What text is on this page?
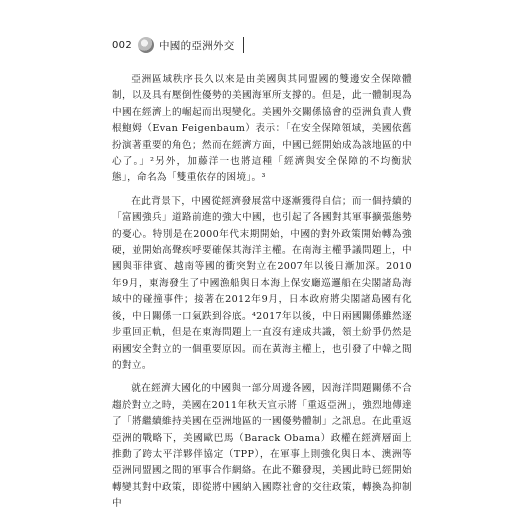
002	中國的亞洲外交

亞洲區域秩序長久以來是由美國與其同盟國的雙邊安全保障體制，以及具有壓倒性優勢的美國海軍所支撐的。但是，此一體制現為中國在經濟上的崛起而出現變化。美國外交關係協會的亞洲負責人費根鮑姆（Evan Feigenbaum）表示：「在安全保障領域，美國依舊扮演著重要的角色；然而在經濟方面，中國已經開始成為該地區的中心了。」²另外，加藤洋一也將這種「經濟與安全保障的不均衡狀態」，命名為「雙重依存的困境」。³

在此背景下，中國從經濟發展當中逐漸獲得自信；而一個持續的「富國強兵」道路前進的強大中國，也引起了各國對其軍事擴張態勢的憂心。特別是在2000年代末期開始，中國的對外政策開始轉為強硬，並開始高聲疾呼要確保其海洋主權。在南海主權爭議問題上，中國與菲律賓、越南等國的衝突對立在2007年以後日漸加深。2010年9月，東海發生了中國漁船與日本海上保安廳巡邏船在尖閣諸島海域中的碰撞事件；接著在2012年9月，日本政府將尖閣諸島國有化後，中日關係一口氣跌到谷底。⁴2017年以後，中日兩國關係雖然逐步重回正軌，但是在東海問題上一直沒有達成共識，領土紛爭仍然是兩國安全對立的一個重要原因。而在黃海主權上，也引發了中韓之間的對立。

就在經濟大國化的中國與一部分周邊各國，因海洋問題關係不合趨於對立之時，美國在2011年秋天宣示將「重返亞洲」，強烈地傳達了「將繼續維持美國在亞洲地區的一國優勢體制」之訊息。在此重返亞洲的戰略下，美國歐巴馬（Barack Obama）政權在經濟層面上推動了跨太平洋夥伴協定（TPP），在軍事上則強化與日本、澳洲等亞洲同盟國之間的軍事合作網絡。在此不難發現，美國此時已經開始轉變其對中政策，即從將中國納入國際社會的交往政策，轉換為抑制中
